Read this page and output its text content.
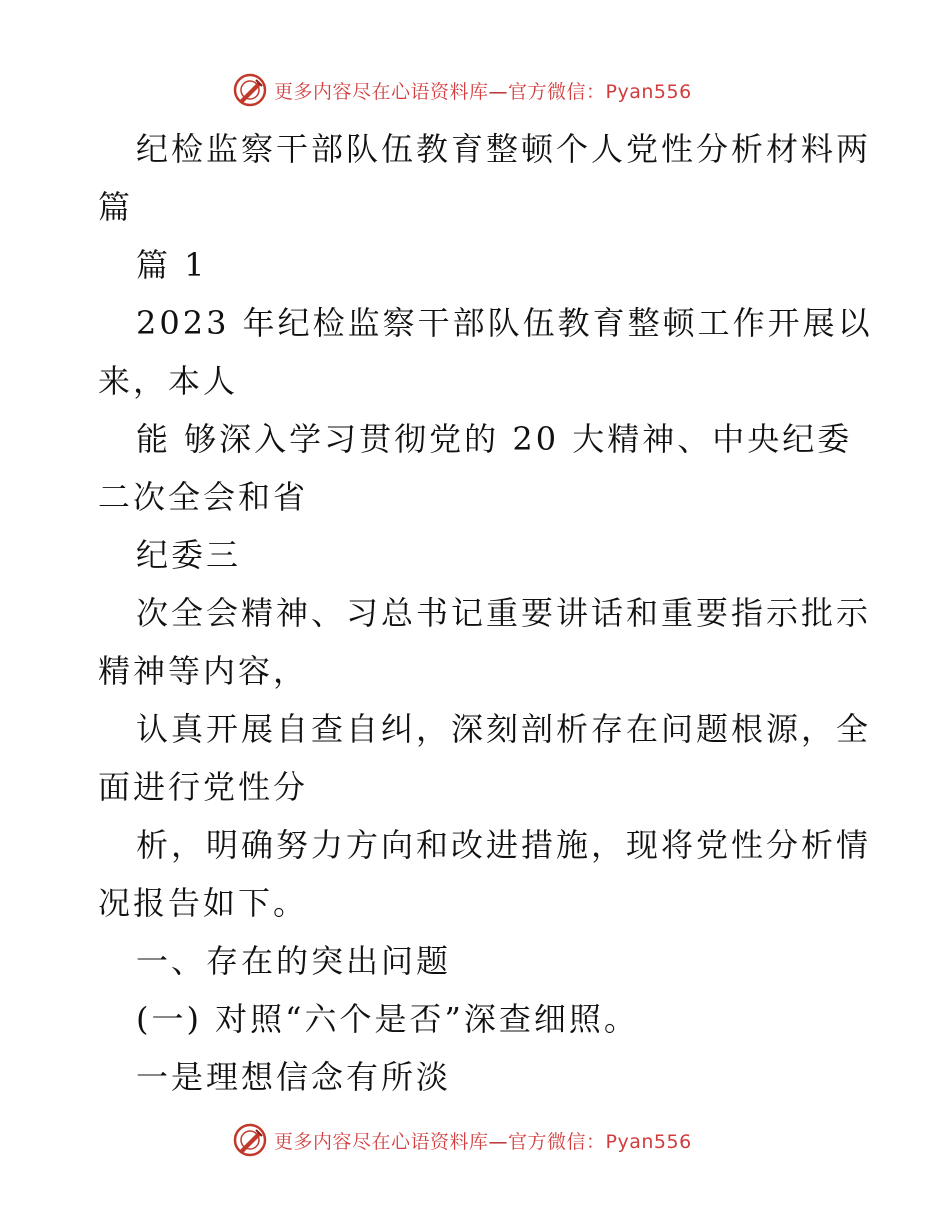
更多内容尽在心语资料库—官方微信：Pyan556
纪检监察干部队伍教育整顿个人党性分析材料两
篇
篇 1
2023 年纪检监察干部队伍教育整顿工作开展以
来，本人
能 够深入学习贯彻党的 20 大精神、中央纪委
二次全会和省
纪委三
次全会精神、习总书记重要讲话和重要指示批示
精神等内容，
认真开展自查自纠，深刻剖析存在问题根源，全
面进行党性分
析，明确努力方向和改进措施，现将党性分析情
况报告如下。
一、存在的突出问题
(一) 对照“六个是否”深查细照。
一是理想信念有所淡
更多内容尽在心语资料库—官方微信：Pyan556
